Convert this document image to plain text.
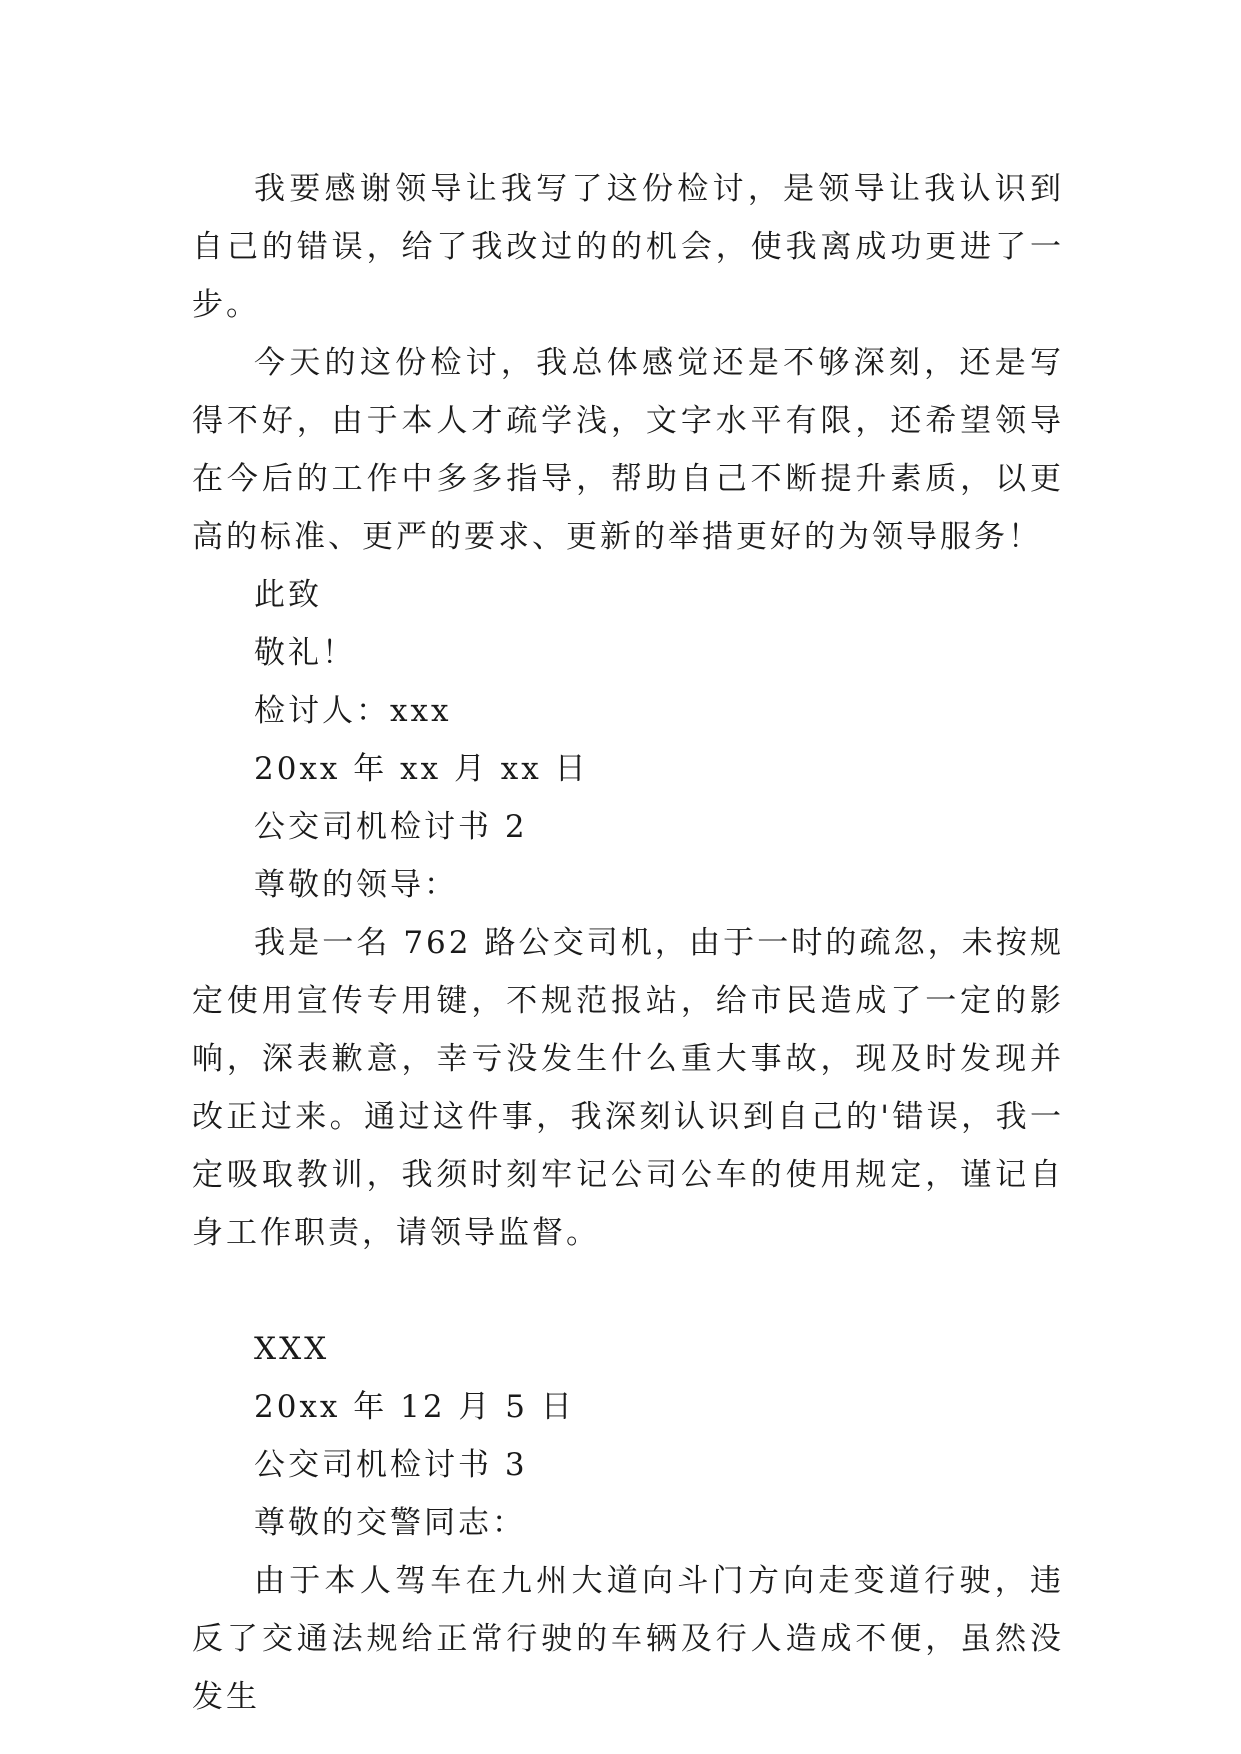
我要感谢领导让我写了这份检讨，是领导让我认识到自己的错误，给了我改过的的机会，使我离成功更进了一步。

今天的这份检讨，我总体感觉还是不够深刻，还是写得不好，由于本人才疏学浅，文字水平有限，还希望领导在今后的工作中多多指导，帮助自己不断提升素质，以更高的标准、更严的要求、更新的举措更好的为领导服务！

此致

敬礼！

检讨人：xxx

20xx 年 xx 月 xx 日

公交司机检讨书 2

尊敬的领导：

我是一名 762 路公交司机，由于一时的疏忽，未按规定使用宣传专用键，不规范报站，给市民造成了一定的影响，深表歉意，幸亏没发生什么重大事故，现及时发现并改正过来。通过这件事，我深刻认识到自己的'错误，我一定吸取教训，我须时刻牢记公司公车的使用规定，谨记自身工作职责，请领导监督。

XXX

20xx 年 12 月 5 日

公交司机检讨书 3

尊敬的交警同志：

由于本人驾车在九州大道向斗门方向走变道行驶，违反了交通法规给正常行驶的车辆及行人造成不便，虽然没发生
